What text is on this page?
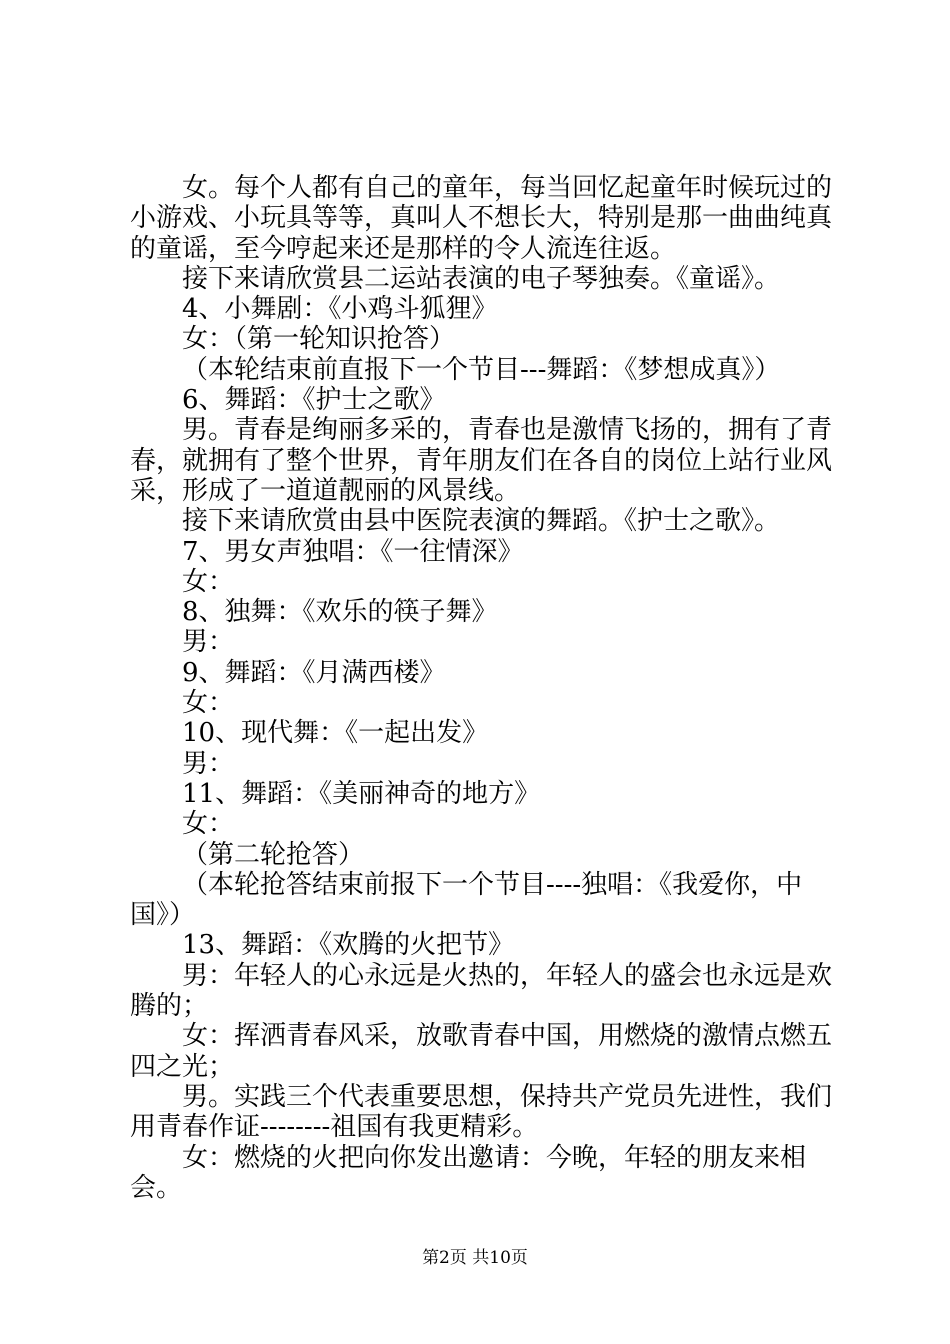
女。每个人都有自己的童年，每当回忆起童年时候玩过的小游戏、小玩具等等，真叫人不想长大，特别是那一曲曲纯真的童谣，至今哼起来还是那样的令人流连往返。

接下来请欣赏县二运站表演的电子琴独奏。《童谣》。

4、小舞剧：《小鸡斗狐狸》

女：（第一轮知识抢答）

（本轮结束前直报下一个节目---舞蹈：《梦想成真》）

6、舞蹈：《护士之歌》

男。青春是绚丽多采的，青春也是激情飞扬的，拥有了青春，就拥有了整个世界，青年朋友们在各自的岗位上站行业风采，形成了一道道靓丽的风景线。

接下来请欣赏由县中医院表演的舞蹈。《护士之歌》。

7、男女声独唱：《一往情深》

女：

8、独舞：《欢乐的筷子舞》

男：

9、舞蹈：《月满西楼》

女：

10、现代舞：《一起出发》

男：

11、舞蹈：《美丽神奇的地方》

女：

（第二轮抢答）

（本轮抢答结束前报下一个节目----独唱：《我爱你，中国》）

13、舞蹈：《欢腾的火把节》

男：年轻人的心永远是火热的，年轻人的盛会也永远是欢腾的；

女：挥洒青春风采，放歌青春中国，用燃烧的激情点燃五四之光；

男。实践三个代表重要思想，保持共产党员先进性，我们用青春作证--------祖国有我更精彩。

女：燃烧的火把向你发出邀请：今晚，年轻的朋友来相会。

第2页 共10页
